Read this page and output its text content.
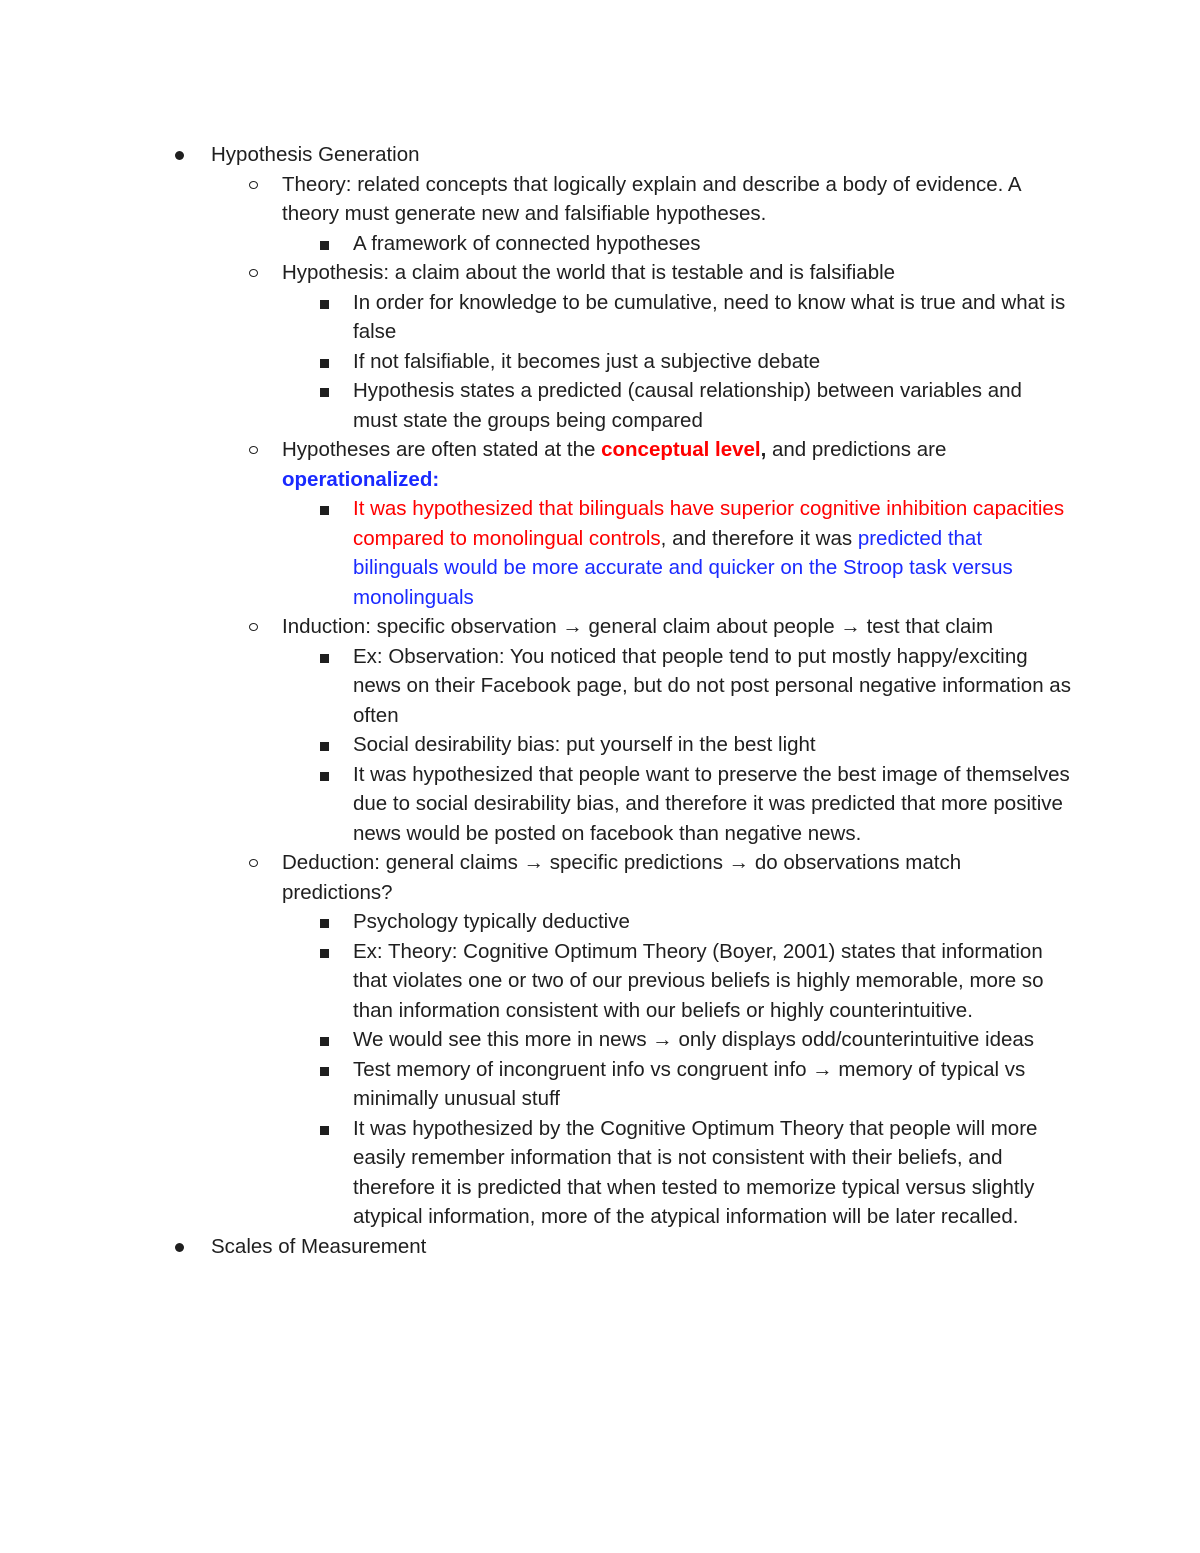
Hypothesis Generation
Theory: related concepts that logically explain and describe a body of evidence. A theory must generate new and falsifiable hypotheses.
A framework of connected hypotheses
Hypothesis: a claim about the world that is testable and is falsifiable
In order for knowledge to be cumulative, need to know what is true and what is false
If not falsifiable, it becomes just a subjective debate
Hypothesis states a predicted (causal relationship) between variables and must state the groups being compared
Hypotheses are often stated at the conceptual level, and predictions are operationalized:
It was hypothesized that bilinguals have superior cognitive inhibition capacities compared to monolingual controls, and therefore it was predicted that bilinguals would be more accurate and quicker on the Stroop task versus monolinguals
Induction: specific observation → general claim about people → test that claim
Ex: Observation: You noticed that people tend to put mostly happy/exciting news on their Facebook page, but do not post personal negative information as often
Social desirability bias: put yourself in the best light
It was hypothesized that people want to preserve the best image of themselves due to social desirability bias, and therefore it was predicted that more positive news would be posted on facebook than negative news.
Deduction: general claims → specific predictions → do observations match predictions?
Psychology typically deductive
Ex: Theory: Cognitive Optimum Theory (Boyer, 2001) states that information that violates one or two of our previous beliefs is highly memorable, more so than information consistent with our beliefs or highly counterintuitive.
We would see this more in news → only displays odd/counterintuitive ideas
Test memory of incongruent info vs congruent info → memory of typical vs minimally unusual stuff
It was hypothesized by the Cognitive Optimum Theory that people will more easily remember information that is not consistent with their beliefs, and therefore it is predicted that when tested to memorize typical versus slightly atypical information, more of the atypical information will be later recalled.
Scales of Measurement
